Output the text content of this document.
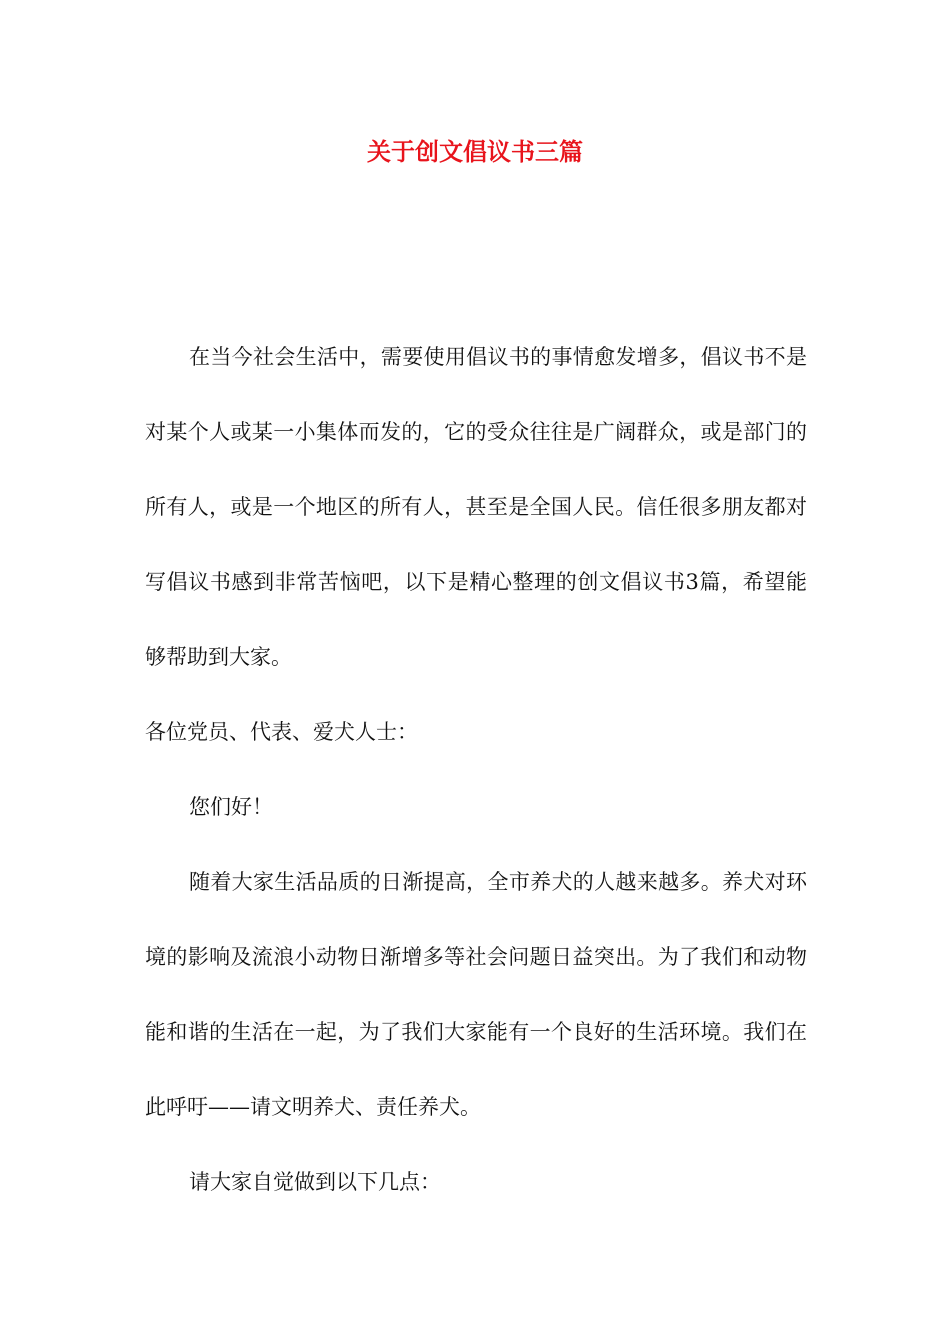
关于创文倡议书三篇

在当今社会生活中，需要使用倡议书的事情愈发增多，倡议书不是对某个人或某一小集体而发的，它的受众往往是广阔群众，或是部门的所有人，或是一个地区的所有人，甚至是全国人民。信任很多朋友都对写倡议书感到非常苦恼吧，以下是精心整理的创文倡议书3篇，希望能够帮助到大家。

各位党员、代表、爱犬人士：

您们好！

随着大家生活品质的日渐提高，全市养犬的人越来越多。养犬对环境的影响及流浪小动物日渐增多等社会问题日益突出。为了我们和动物能和谐的生活在一起，为了我们大家能有一个良好的生活环境。我们在此呼吁——请文明养犬、责任养犬。

请大家自觉做到以下几点：
